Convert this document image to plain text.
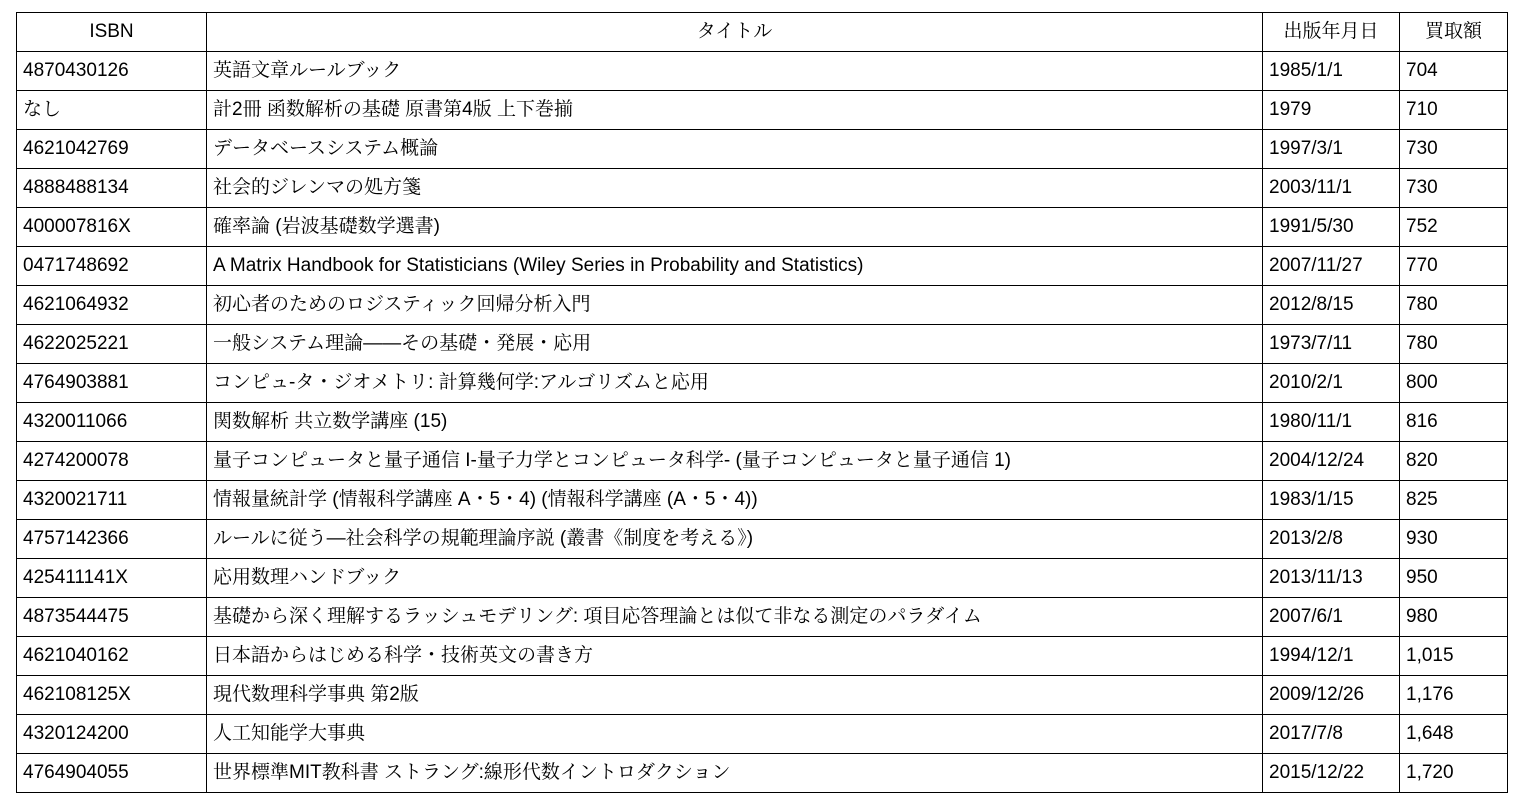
ISBN	タイトル	出版年月日	買取額
4870430126	英語文章ルールブック	1985/1/1	704
なし	計2冊 函数解析の基礎 原書第4版 上下巻揃	1979	710
4621042769	データベースシステム概論	1997/3/1	730
4888488134	社会的ジレンマの処方箋	2003/11/1	730
400007816X	確率論 (岩波基礎数学選書)	1991/5/30	752
0471748692	A Matrix Handbook for Statisticians (Wiley Series in Probability and Statistics)	2007/11/27	770
4621064932	初心者のためのロジスティック回帰分析入門	2012/8/15	780
4622025221	一般システム理論——その基礎・発展・応用	1973/7/11	780
4764903881	コンピュ-タ・ジオメトリ: 計算幾何学:アルゴリズムと応用	2010/2/1	800
4320011066	関数解析 共立数学講座 (15)	1980/11/1	816
4274200078	量子コンピュータと量子通信 I-量子力学とコンピュータ科学- (量子コンピュータと量子通信 1)	2004/12/24	820
4320021711	情報量統計学 (情報科学講座 A・5・4) (情報科学講座 (A・5・4))	1983/1/15	825
4757142366	ルールに従う―社会科学の規範理論序説 (叢書《制度を考える》)	2013/2/8	930
425411141X	応用数理ハンドブック	2013/11/13	950
4873544475	基礎から深く理解するラッシュモデリング: 項目応答理論とは似て非なる測定のパラダイム	2007/6/1	980
4621040162	日本語からはじめる科学・技術英文の書き方	1994/12/1	1,015
462108125X	現代数理科学事典 第2版	2009/12/26	1,176
4320124200	人工知能学大事典	2017/7/8	1,648
4764904055	世界標準MIT教科書 ストラング:線形代数イントロダクション	2015/12/22	1,720
